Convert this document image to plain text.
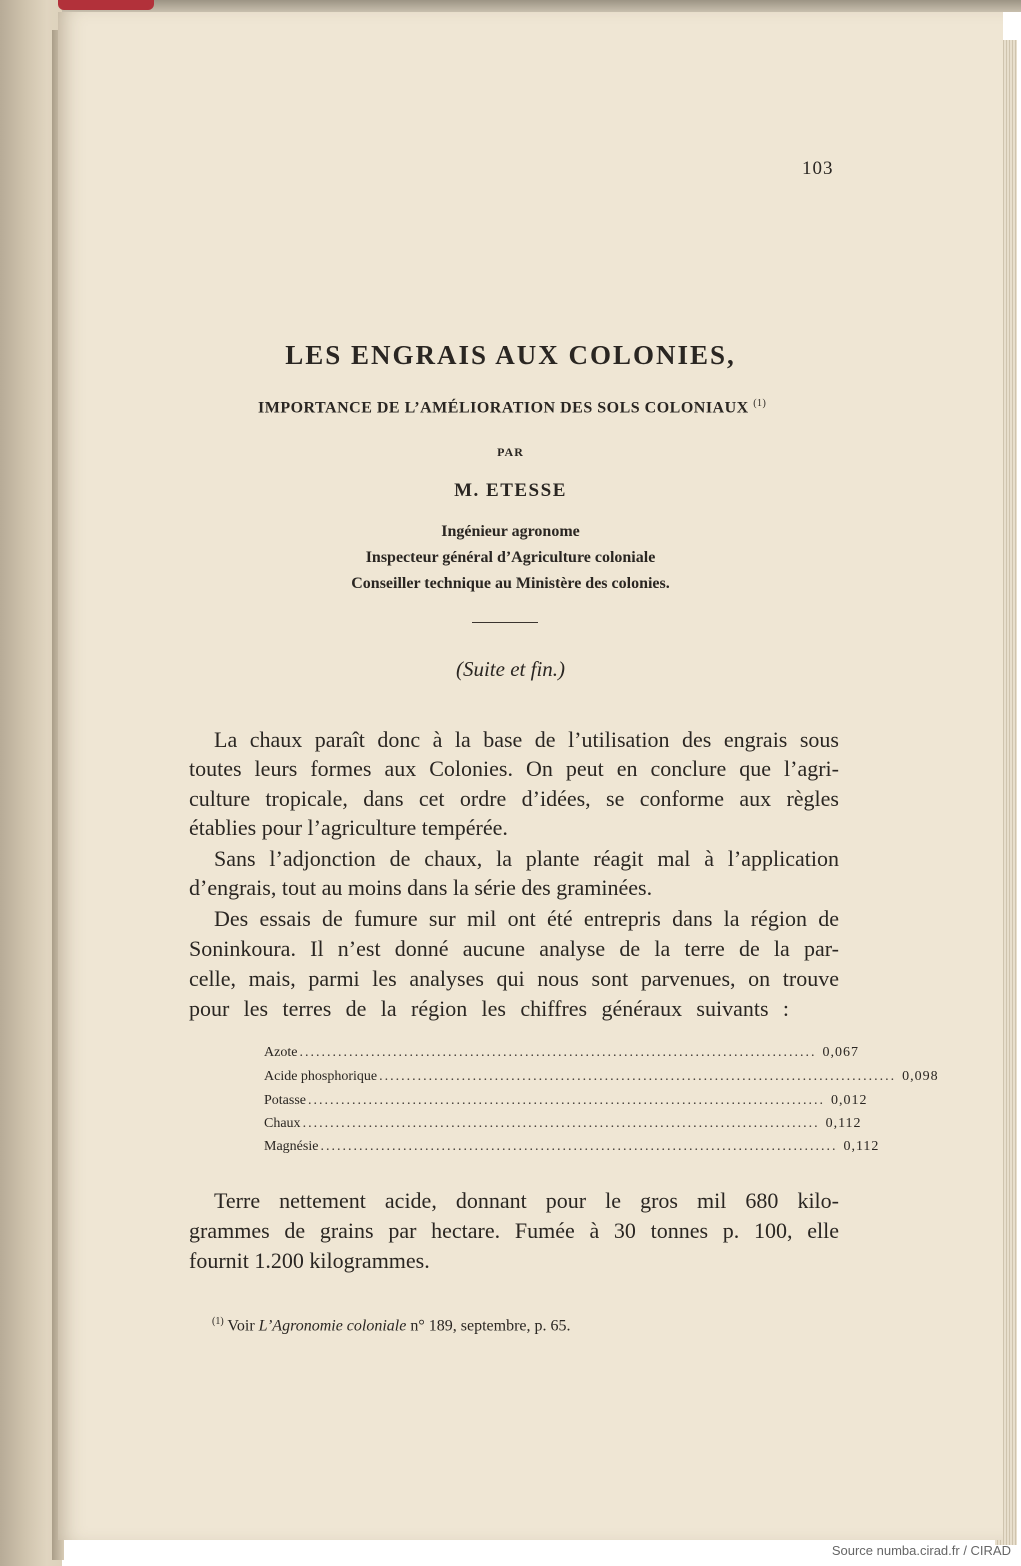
103
LES ENGRAIS AUX COLONIES,
IMPORTANCE DE L’AMÉLIORATION DES SOLS COLONIAUX $^{(1)}$
PAR
M. ETESSE
Ingénieur agronome
Inspecteur général d’Agriculture coloniale
Conseiller technique au Ministère des colonies.
(Suite et fin.)
La chaux paraît donc à la base de l’utilisation des engrais sous
toutes leurs formes aux Colonies. On peut en conclure que l’agri-
culture tropicale, dans cet ordre d’idées, se conforme aux règles
établies pour l’agriculture tempérée.
Sans l’adjonction de chaux, la plante réagit mal à l’application
d’engrais, tout au moins dans la série des graminées.
Des essais de fumure sur mil ont été entrepris dans la région de
Soninkoura. Il n’est donné aucune analyse de la terre de la par-
celle, mais, parmi les analyses qui nous sont parvenues, on trouve
pour les terres de la région les chiffres généraux suivants :
Azote .............................................................................................. 0,067
Acide phosphorique .............................................................................................. 0,098
Potasse .............................................................................................. 0,012
Chaux .............................................................................................. 0,112
Magnésie .............................................................................................. 0,112
Terre nettement acide, donnant pour le gros mil 680 kilo-
grammes de grains par hectare. Fumée à 30 tonnes p. 100, elle
fournit 1.200 kilogrammes.
$^{(1)}$ Voir L’Agronomie coloniale n° 189, septembre, p. 65.
Source numba.cirad.fr / CIRAD
